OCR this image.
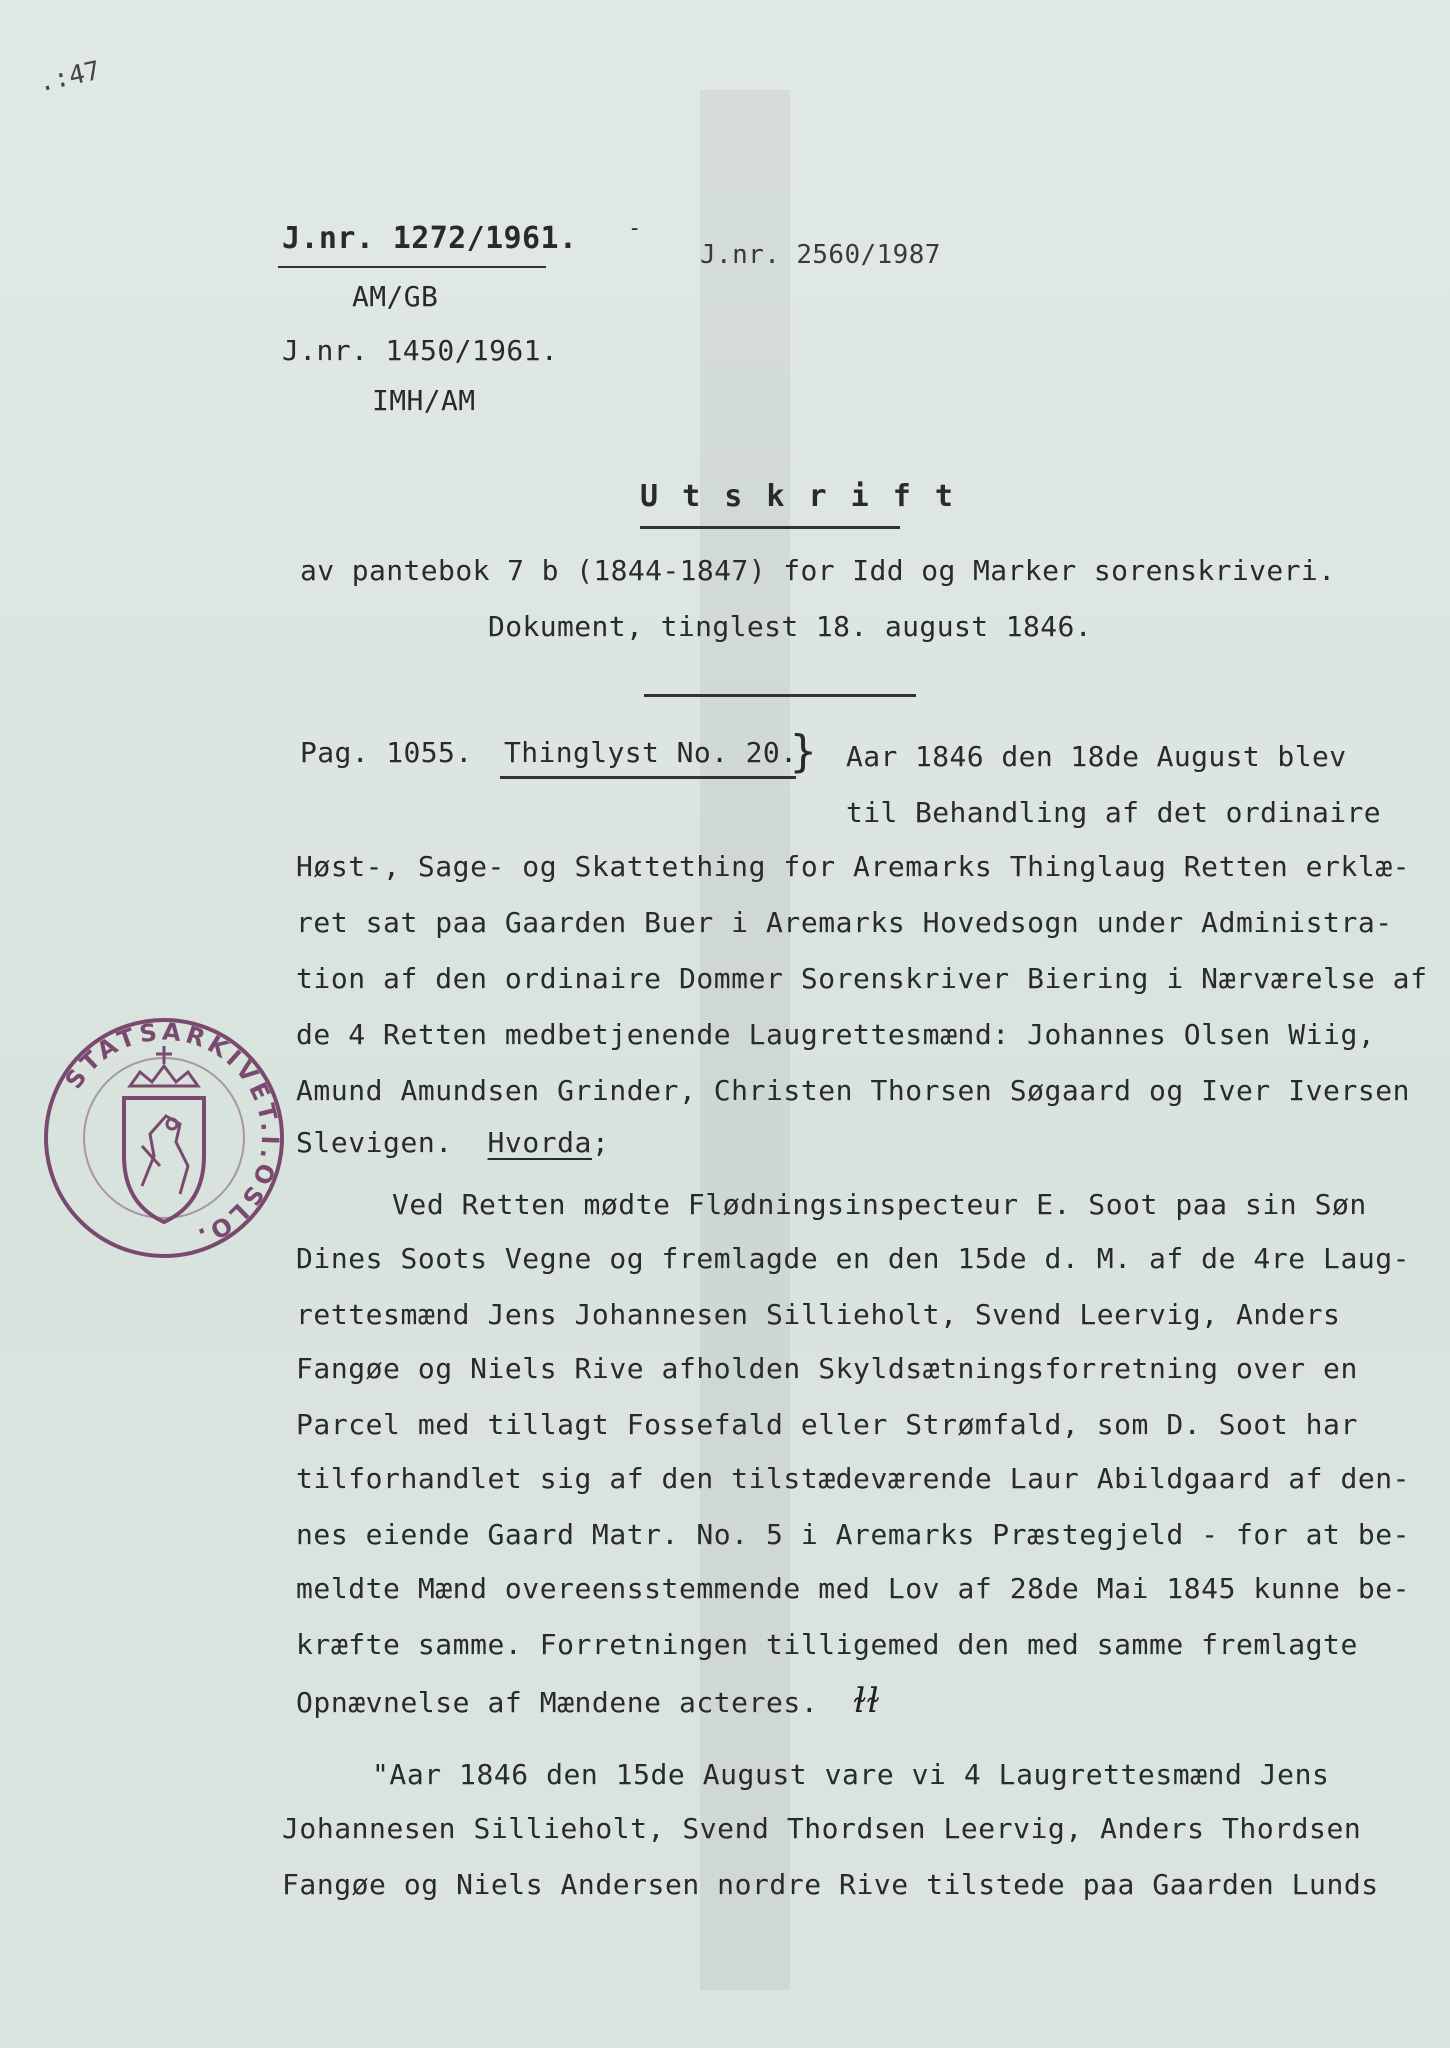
.:47
J.nr. 1272/1961.
AM/GB
J.nr. 1450/1961.
IMH/AM
J.nr. 2560/1987
-
U t s k r i f t
av pantebok 7 b (1844-1847) for Idd og Marker sorenskriveri.
Dokument, tinglest 18. august 1846.
Pag. 1055. Thinglyst No. 20.
} Aar 1846 den 18de August blev
til Behandling af det ordinaire
Høst-, Sage- og Skattething for Aremarks Thinglaug Retten erklæ-
ret sat paa Gaarden Buer i Aremarks Hovedsogn under Administra-
tion af den ordinaire Dommer Sorenskriver Biering i Nærværelse af
de 4 Retten medbetjenende Laugrettesmænd: Johannes Olsen Wiig,
Amund Amundsen Grinder, Christen Thorsen Søgaard og Iver Iversen
Slevigen. Hvorda;
Ved Retten mødte Flødningsinspecteur E. Soot paa sin Søn
Dines Soots Vegne og fremlagde en den 15de d. M. af de 4re Laug-
rettesmænd Jens Johannesen Sillieholt, Svend Leervig, Anders
Fangøe og Niels Rive afholden Skyldsætningsforretning over en
Parcel med tillagt Fossefald eller Strømfald, som D. Soot har
tilforhandlet sig af den tilstædeværende Laur Abildgaard af den-
nes eiende Gaard Matr. No. 5 i Aremarks Præstegjeld - for at be-
meldte Mænd overeensstemmende med Lov af 28de Mai 1845 kunne be-
kræfte samme. Forretningen tilligemed den med samme fremlagte
Opnævnelse af Mændene acteres. ɫɫ
"Aar 1846 den 15de August vare vi 4 Laugrettesmænd Jens
Johannesen Sillieholt, Svend Thordsen Leervig, Anders Thordsen
Fangøe og Niels Andersen nordre Rive tilstede paa Gaarden Lunds
STATSARKIVET.I.OSLO.
